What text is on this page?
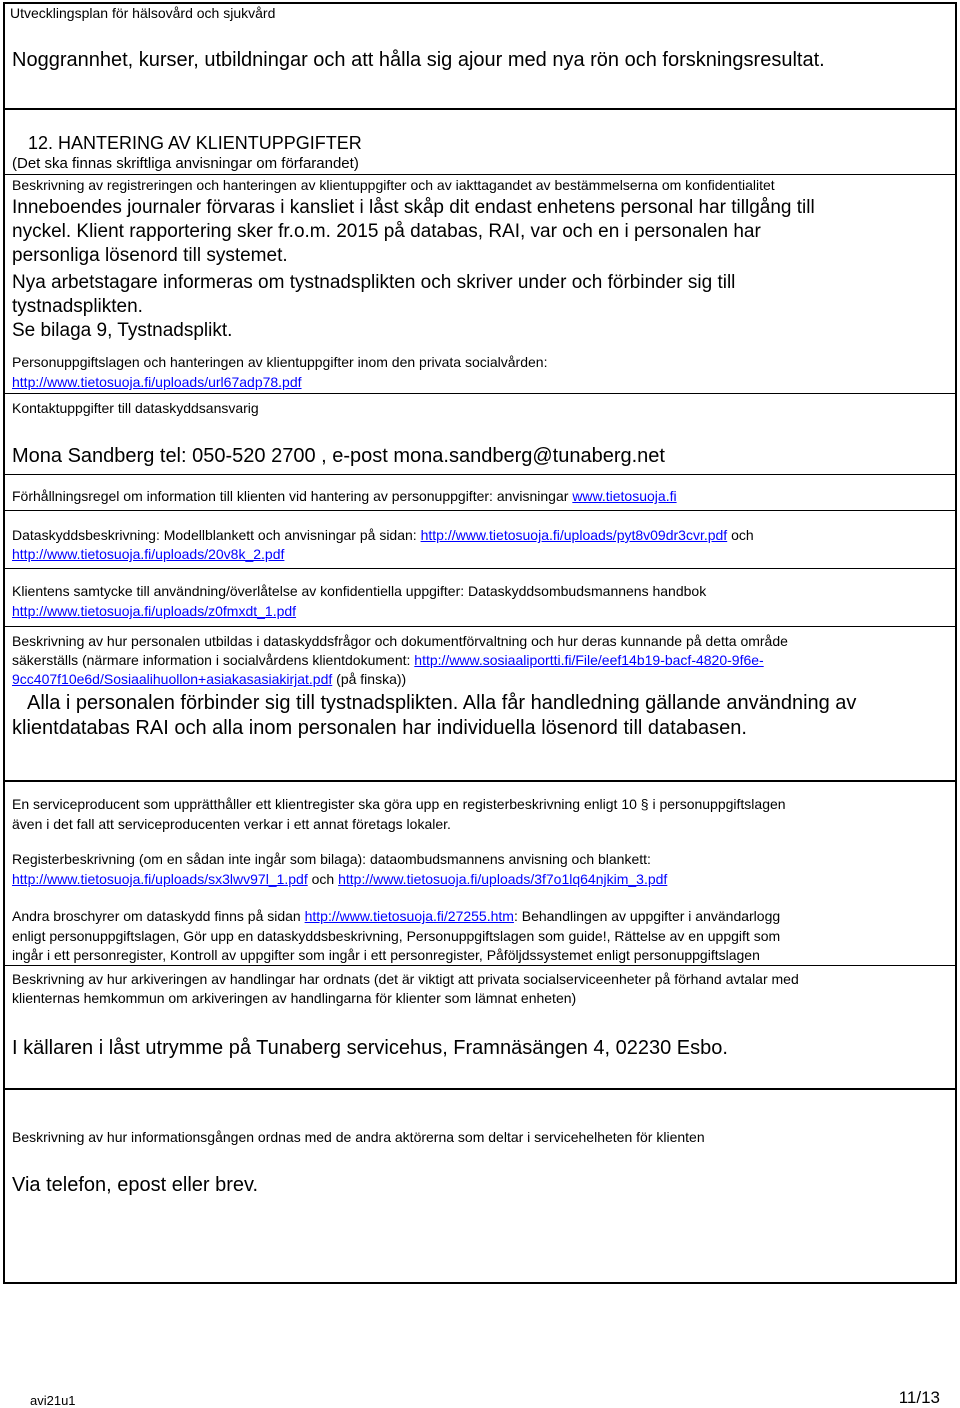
Utvecklingsplan för hälsovård och sjukvård
Noggrannhet, kurser, utbildningar och att hålla sig ajour med nya rön och forskningsresultat.
12. HANTERING AV KLIENTUPPGIFTER
(Det ska finnas skriftliga anvisningar om förfarandet)
Beskrivning av registreringen och hanteringen av klientuppgifter och av iakttagandet av bestämmelserna om konfidentialitet
Inneboendes journaler förvaras i kansliet i låst skåp dit endast enhetens personal har tillgång till
nyckel. Klient rapportering sker fr.o.m. 2015 på databas, RAI, var och en i personalen har
personliga lösenord till systemet.
Nya arbetstagare informeras om tystnadsplikten och skriver under och förbinder sig till
tystnadsplikten.
Se bilaga 9, Tystnadsplikt.
Personuppgiftslagen och hanteringen av klientuppgifter inom den privata socialvården:
http://www.tietosuoja.fi/uploads/url67adp78.pdf
Kontaktuppgifter till dataskyddsansvarig
Mona Sandberg tel: 050-520 2700 , e-post mona.sandberg@tunaberg.net
Förhållningsregel om information till klienten vid hantering av personuppgifter: anvisningar www.tietosuoja.fi
Dataskyddsbeskrivning: Modellblankett och anvisningar på sidan: http://www.tietosuoja.fi/uploads/pyt8v09dr3cvr.pdf och
http://www.tietosuoja.fi/uploads/20v8k_2.pdf
Klientens samtycke till användning/överlåtelse av konfidentiella uppgifter: Dataskyddsombudsmannens handbok
http://www.tietosuoja.fi/uploads/z0fmxdt_1.pdf
Beskrivning av hur personalen utbildas i dataskyddsfrågor och dokumentförvaltning och hur deras kunnande på detta område
säkerställs (närmare information i socialvårdens klientdokument: http://www.sosiaaliportti.fi/File/eef14b19-bacf-4820-9f6e-
9cc407f10e6d/Sosiaalihuollon+asiakasasiakirjat.pdf (på finska))
Alla i personalen förbinder sig till tystnadsplikten. Alla får handledning gällande användning av
klientdatabas RAI och alla inom personalen har individuella lösenord till databasen.
En serviceproducent som upprätthåller ett klientregister ska göra upp en registerbeskrivning enligt 10 § i personuppgiftslagen
även i det fall att serviceproducenten verkar i ett annat företags lokaler.
Registerbeskrivning (om en sådan inte ingår som bilaga): dataombudsmannens anvisning och blankett:
http://www.tietosuoja.fi/uploads/sx3lwv97l_1.pdf och http://www.tietosuoja.fi/uploads/3f7o1lq64njkim_3.pdf
Andra broschyrer om dataskydd finns på sidan http://www.tietosuoja.fi/27255.htm: Behandlingen av uppgifter i användarlogg
enligt personuppgiftslagen, Gör upp en dataskyddsbeskrivning, Personuppgiftslagen som guide!, Rättelse av en uppgift som
ingår i ett personregister, Kontroll av uppgifter som ingår i ett personregister, Påföljdssystemet enligt personuppgiftslagen
Beskrivning av hur arkiveringen av handlingar har ordnats (det är viktigt att privata socialserviceenheter på förhand avtalar med
klienternas hemkommun om arkiveringen av handlingarna för klienter som lämnat enheten)
I källaren i låst utrymme på Tunaberg servicehus, Framnäsängen 4, 02230 Esbo.
Beskrivning av hur informationsgången ordnas med de andra aktörerna som deltar i servicehelheten för klienten
Via telefon, epost eller brev.
avi21u1	11/13
